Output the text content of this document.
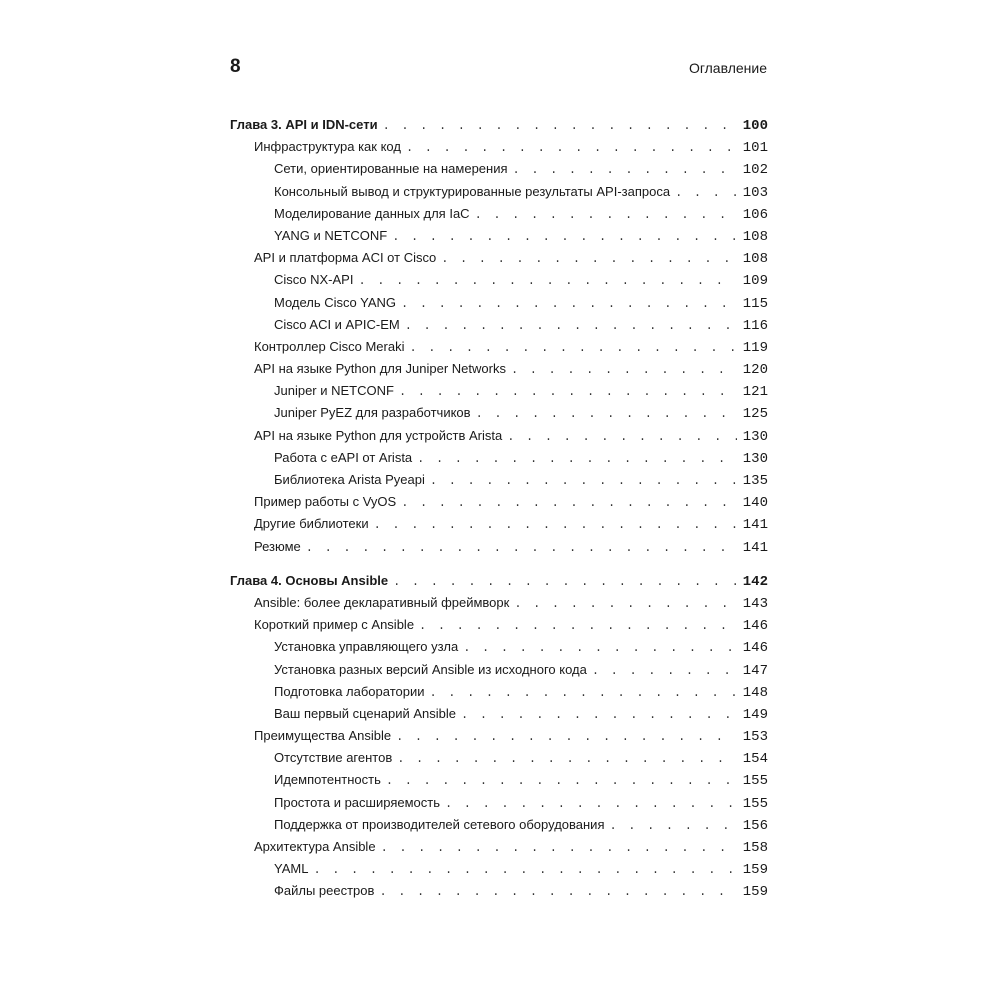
8	Оглавление
Глава 3. API и IDN-сети . . .	100
Инфраструктура как код . . .	101
Сети, ориентированные на намерения . . .	102
Консольный вывод и структурированные результаты API-запроса . . .	103
Моделирование данных для IaC . . .	106
YANG и NETCONF . . .	108
API и платформа ACI от Cisco . . .	108
Cisco NX-API . . .	109
Модель Cisco YANG . . .	115
Cisco ACI и APIC-EM . . .	116
Контроллер Cisco Meraki . . .	119
API на языке Python для Juniper Networks . . .	120
Juniper и NETCONF . . .	121
Juniper PyEZ для разработчиков . . .	125
API на языке Python для устройств Arista . . .	130
Работа с eAPI от Arista . . .	130
Библиотека Arista Pyeapi . . .	135
Пример работы с VyOS . . .	140
Другие библиотеки . . .	141
Резюме . . .	141
Глава 4. Основы Ansible . . .	142
Ansible: более декларативный фреймворк . . .	143
Короткий пример с Ansible . . .	146
Установка управляющего узла . . .	146
Установка разных версий Ansible из исходного кода . . .	147
Подготовка лаборатории . . .	148
Ваш первый сценарий Ansible . . .	149
Преимущества Ansible . . .	153
Отсутствие агентов . . .	154
Идемпотентность . . .	155
Простота и расширяемость . . .	155
Поддержка от производителей сетевого оборудования . . .	156
Архитектура Ansible . . .	158
YAML . . .	159
Файлы реестров . . .	159
